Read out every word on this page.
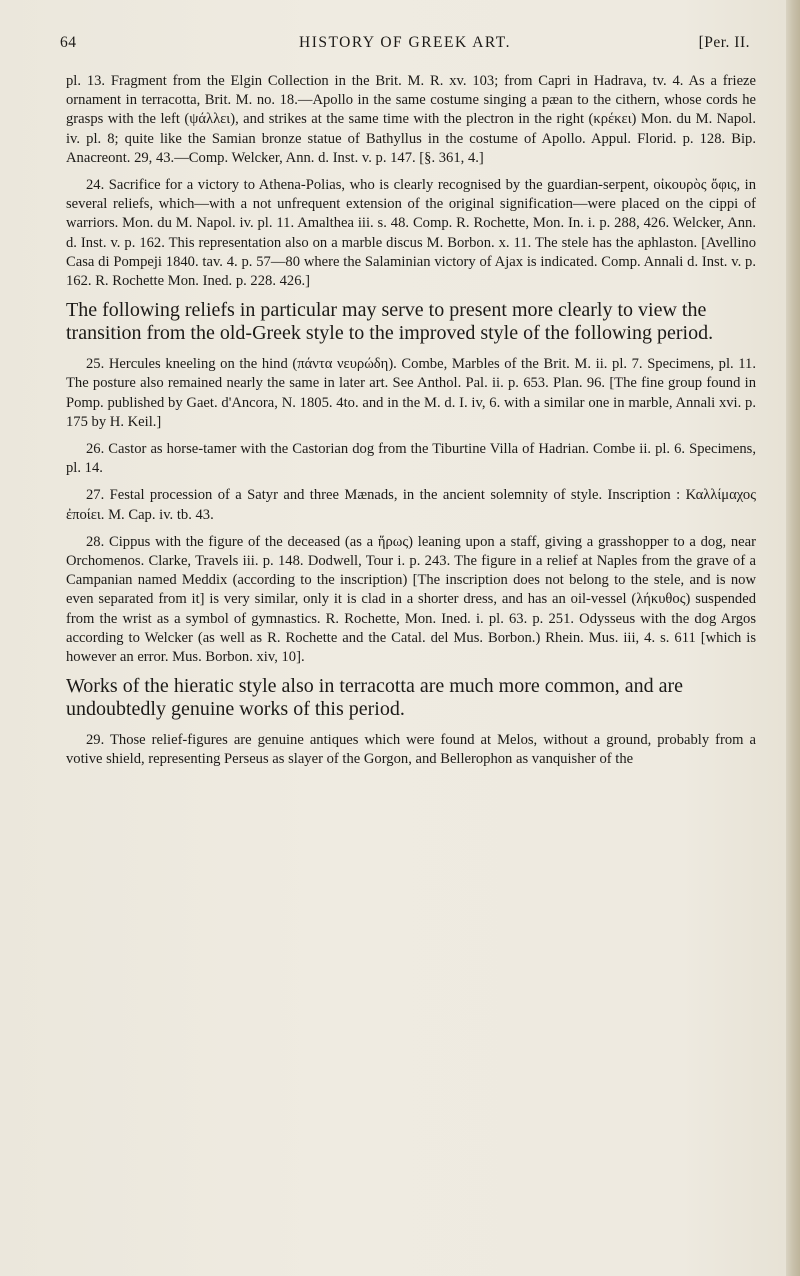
64	HISTORY OF GREEK ART.	[Per. II.

pl. 13. Fragment from the Elgin Collection in the Brit. M. R. xv. 103; from Capri in Hadrava, tv. 4. As a frieze ornament in terracotta, Brit. M. no. 18.—Apollo in the same costume singing a pæan to the cithern, whose cords he grasps with the left (ψάλλει), and strikes at the same time with the plectron in the right (κρέκει) Mon. du M. Napol. iv. pl. 8; quite like the Samian bronze statue of Bathyllus in the costume of Apollo. Appul. Florid. p. 128. Bip. Anacreont. 29, 43.—Comp. Welcker, Ann. d. Inst. v. p. 147. [§. 361, 4.]

24. Sacrifice for a victory to Athena-Polias, who is clearly recognised by the guardian-serpent, οἰκουρὸς ὄφις, in several reliefs, which—with a not unfrequent extension of the original signification—were placed on the cippi of warriors. Mon. du M. Napol. iv. pl. 11. Amalthea iii. s. 48. Comp. R. Rochette, Mon. In. i. p. 288, 426. Welcker, Ann. d. Inst. v. p. 162. This representation also on a marble discus M. Borbon. x. 11. The stele has the aphlaston. [Avellino Casa di Pompeji 1840. tav. 4. p. 57—80 where the Salaminian victory of Ajax is indicated. Comp. Annali d. Inst. v. p. 162. R. Rochette Mon. Ined. p. 228. 426.]

The following reliefs in particular may serve to present more clearly to view the transition from the old-Greek style to the improved style of the following period.

25. Hercules kneeling on the hind (πάντα νευρώδη). Combe, Marbles of the Brit. M. ii. pl. 7. Specimens, pl. 11. The posture also remained nearly the same in later art. See Anthol. Pal. ii. p. 653. Plan. 96. [The fine group found in Pomp. published by Gaet. d'Ancora, N. 1805. 4to. and in the M. d. I. iv, 6. with a similar one in marble, Annali xvi. p. 175 by H. Keil.]

26. Castor as horse-tamer with the Castorian dog from the Tiburtine Villa of Hadrian. Combe ii. pl. 6. Specimens, pl. 14.

27. Festal procession of a Satyr and three Mænads, in the ancient solemnity of style. Inscription : Καλλίμαχος ἐποίει. M. Cap. iv. tb. 43.

28. Cippus with the figure of the deceased (as a ἥρως) leaning upon a staff, giving a grasshopper to a dog, near Orchomenos. Clarke, Travels iii. p. 148. Dodwell, Tour i. p. 243. The figure in a relief at Naples from the grave of a Campanian named Meddix (according to the inscription) [The inscription does not belong to the stele, and is now even separated from it] is very similar, only it is clad in a shorter dress, and has an oil-vessel (λήκυθος) suspended from the wrist as a symbol of gymnastics. R. Rochette, Mon. Ined. i. pl. 63. p. 251. Odysseus with the dog Argos according to Welcker (as well as R. Rochette and the Catal. del Mus. Borbon.) Rhein. Mus. iii, 4. s. 611 [which is however an error. Mus. Borbon. xiv, 10].

Works of the hieratic style also in terracotta are much more common, and are undoubtedly genuine works of this period.

29. Those relief-figures are genuine antiques which were found at Melos, without a ground, probably from a votive shield, representing Perseus as slayer of the Gorgon, and Bellerophon as vanquisher of the
